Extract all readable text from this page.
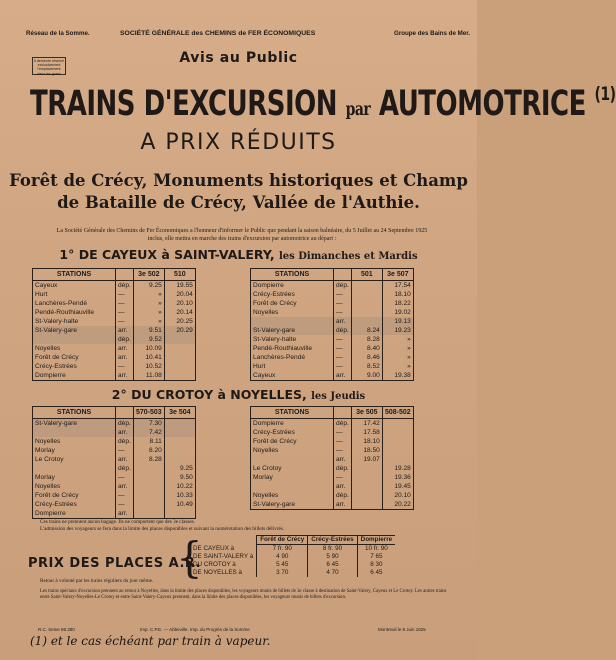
Réseau de la Somme.	SOCIÉTÉ GÉNÉRALE des CHEMINS de FER ÉCONOMIQUES	Groupe des Bains de Mer.
Il demeure réservé exclusivement l'emplacement dans les gares
Avis au Public
TRAINS D'EXCURSION par AUTOMOTRICE $^{(1)}$
A PRIX RÉDUITS
Forêt de Crécy, Monuments historiques et Champ
de Bataille de Crécy, Vallée de l'Authie.
La Société Générale des Chemins de Fer Économiques a l'honneur d'informer le Public que pendant la saison balnéaire, du 5 Juillet au 24 Septembre 1925 inclus, elle mettra en marche des trains d'excursion par automotrice au départ :
1° DE CAYEUX à SAINT-VALERY, les Dimanches et Mardis
STATIONS		3e 502	510
Cayeux	dép.	9.25	19.55
Hurt	—	»	20.04
Lanchères-Pendé	—	»	20.10
Pendé-Routhiauville	—	»	20.14
St-Valery-halte	—	»	20.25
St-Valery-gare	arr.	9.51	20.29
	dép.	9.52	
Noyelles	arr.	10.09	
Forêt de Crécy	arr.	10.41	
Crécy-Estrées	—	10.52	
Dompierre	arr.	11.08	
STATIONS		501	3e 507
Dompierre	dép.		17.54
Crécy-Estrées	—		18.10
Forêt de Crécy	—		18.22
Noyelles	—		19.02
	arr.		19.13
St-Valery-gare	dép.	8.24	19.23
St-Valery-halte	—	8.28	»
Pendé-Routhiauville	—	8.40	»
Lanchères-Pendé	—	8.46	»
Hurt	—	8.52	»
Cayeux	arr.	9.00	19.38
2° DU CROTOY à NOYELLES, les Jeudis
STATIONS		570-503	3e 504
St-Valery-gare	dép.	7.30	
	arr.	7.42	
Noyelles	dép.	8.11	
Morlay	—	8.20	
Le Crotoy	arr.	8.28	
	dép.		9.25
Morlay	—		9.50
Noyelles	arr.		10.22
Forêt de Crécy	—		10.33
Crécy-Estrées	—		10.49
Dompierre	arr.		
STATIONS		3e 505	508-502
Dompierre	dép.	17.42	
Crécy-Estrées	—	17.58	
Forêt de Crécy	—	18.10	
Noyelles	—	18.50	
	arr.	19.07	
Le Crotoy	dép.		19.28
Morlay	—		19.36
	arr.		19.45
Noyelles	dép.		20.10
St-Valery-gare	arr.		20.22
Ces trains ne prennent aucun bagage. Ils ne comportent que des 3e classes.
L'admission des voyageurs se fera dans la limite des places disponibles et suivant la numérotation des billets délivrés.
PRIX DES PLACES A.R.
{
		Forêt de Crécy	Crécy-Estrées	Dompierre
DE CAYEUX à	7 fr. 90	8 fr. 90	10 fr. 90
DE SAINT-VALERY à	4 90	5 90	7 65
DU CROTOY à	5 45	6 45	8 30
DE NOYELLES à	3 70	4 70	6 45
Retour à volonté par les trains réguliers du jour même.
Les trains spéciaux d'excursion prennent au retour à Noyelles, dans la limite des places disponibles, les voyageurs munis de billets de 3e classe à destination de Saint-Valery, Cayeux et Le Crotoy. Les autres trains entre Saint-Valery-Noyelles-Le Crotoy et entre Saint-Valery-Cayeux prennent, dans la limite des places disponibles, les voyageurs munis de billets d'excursion.
R.C. Seine 89.380	Imp. C.P.E. — Abbeville. Imp. du Progrès de la Somme	Montreuil le 8 Juin 1925
(1) et le cas échéant par train à vapeur.
